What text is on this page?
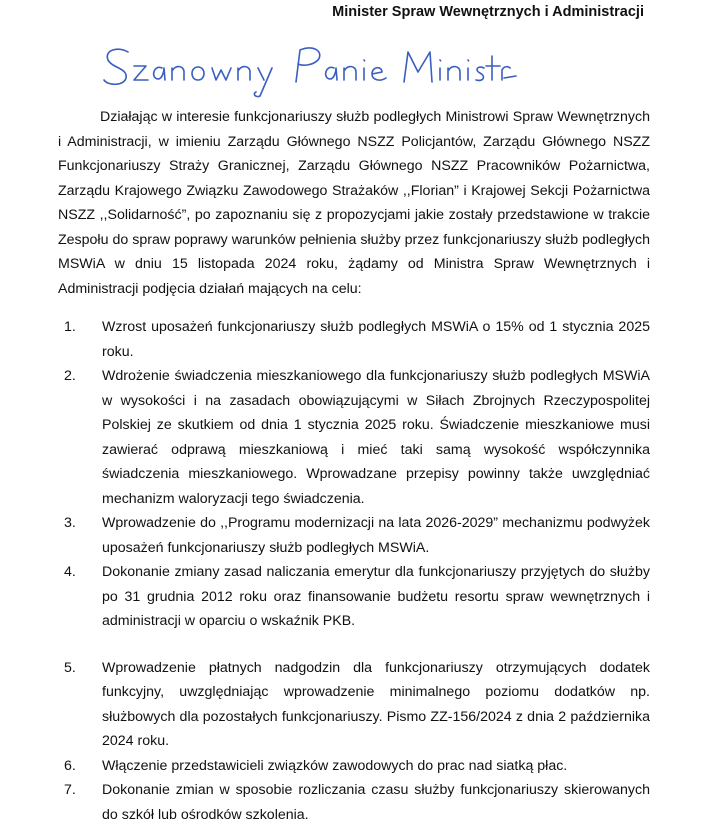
Minister Spraw Wewnętrznych i Administracji

Działając w interesie funkcjonariuszy służb podległych Ministrowi Spraw Wewnętrznych i Administracji, w imieniu Zarządu Głównego NSZZ Policjantów, Zarządu Głównego NSZZ Funkcjonariuszy Straży Granicznej, Zarządu Głównego NSZZ Pracowników Pożarnictwa, Zarządu Krajowego Związku Zawodowego Strażaków ,,Florian” i Krajowej Sekcji Pożarnictwa NSZZ ,,Solidarność”, po zapoznaniu się z propozycjami jakie zostały przedstawione w trakcie Zespołu do spraw poprawy warunków pełnienia służby przez funkcjonariuszy służb podległych MSWiA w dniu 15 listopada 2024 roku, żądamy od Ministra Spraw Wewnętrznych i Administracji podjęcia działań mających na celu:

1. Wzrost uposażeń funkcjonariuszy służb podległych MSWiA o 15% od 1 stycznia 2025 roku.
2. Wdrożenie świadczenia mieszkaniowego dla funkcjonariuszy służb podległych MSWiA w wysokości i na zasadach obowiązującymi w Siłach Zbrojnych Rzeczypospolitej Polskiej ze skutkiem od dnia 1 stycznia 2025 roku. Świadczenie mieszkaniowe musi zawierać odprawą mieszkaniową i mieć taki samą wysokość współczynnika świadczenia mieszkaniowego. Wprowadzane przepisy powinny także uwzględniać mechanizm waloryzacji tego świadczenia.
3. Wprowadzenie do ,,Programu modernizacji na lata 2026-2029” mechanizmu podwyżek uposażeń funkcjonariuszy służb podległych MSWiA.
4. Dokonanie zmiany zasad naliczania emerytur dla funkcjonariuszy przyjętych do służby po 31 grudnia 2012 roku oraz finansowanie budżetu resortu spraw wewnętrznych i administracji w oparciu o wskaźnik PKB.
5. Wprowadzenie płatnych nadgodzin dla funkcjonariuszy otrzymujących dodatek funkcyjny, uwzględniając wprowadzenie minimalnego poziomu dodatków np. służbowych dla pozostałych funkcjonariuszy. Pismo ZZ-156/2024 z dnia 2 października 2024 roku.
6. Włączenie przedstawicieli związków zawodowych do prac nad siatką płac.
7. Dokonanie zmian w sposobie rozliczania czasu służby funkcjonariuszy skierowanych do szkół lub ośrodków szkolenia.
